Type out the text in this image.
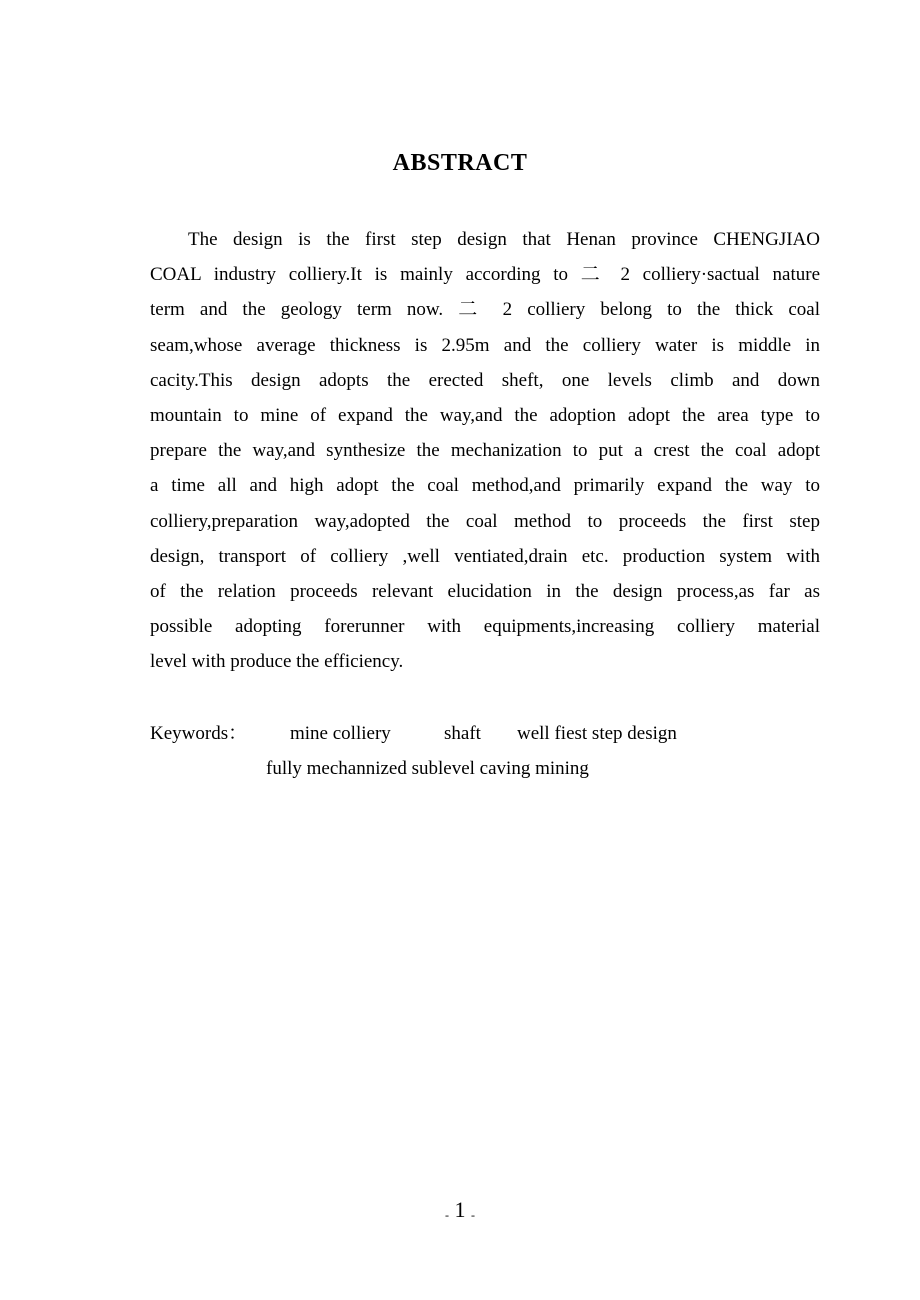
ABSTRACT
The design is the first step design that Henan province CHENGJIAO
COAL industry colliery.It is mainly according to 二 2 colliery·sactual nature
term and the geology term now. 二 2 colliery belong to the thick coal
seam,whose average thickness is 2.95m and the colliery water is middle in
cacity.This design adopts the erected sheft, one levels climb and down
mountain to mine of expand the way,and the adoption adopt the area type to
prepare the way,and synthesize the mechanization to put a crest the coal adopt
a time all and high adopt the coal method,and primarily expand the way to
colliery,preparation way,adopted the coal method to proceeds the first step
design, transport of colliery ,well ventiated,drain etc. production system with
of the relation proceeds relevant elucidation in the design process,as far as
possible adopting forerunner with equipments,increasing colliery material
level with produce the efficiency.
Keywords： mine colliery	shaft well fiest step design
fully mechannized sublevel caving mining
- 1 -
